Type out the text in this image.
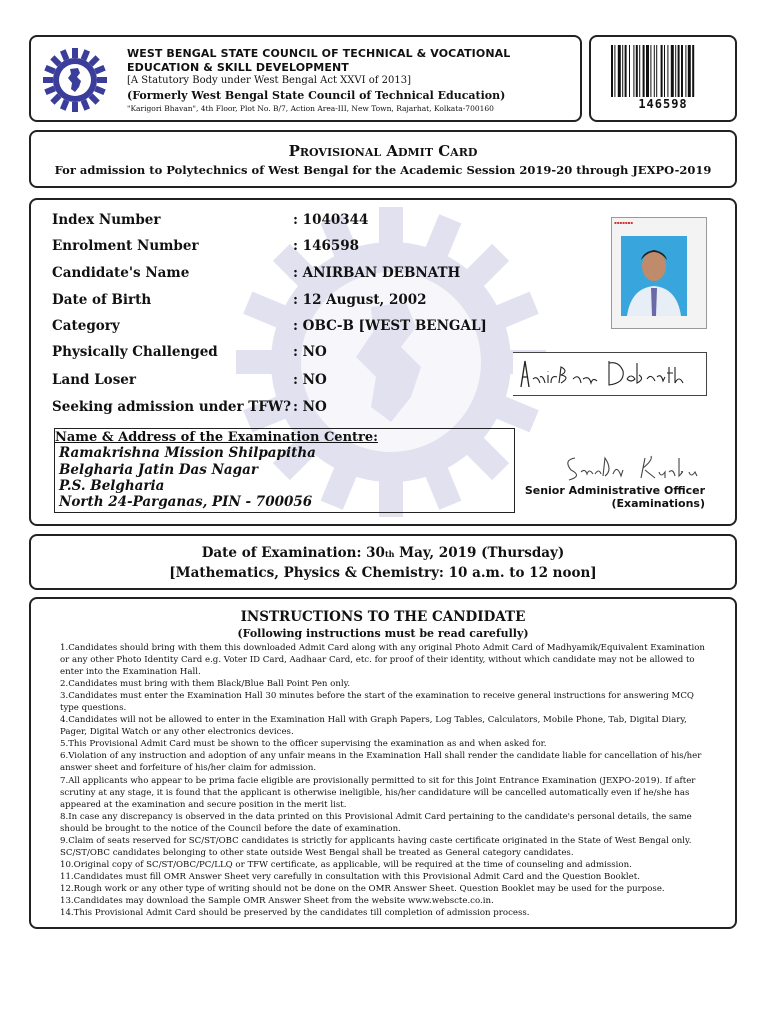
WEST BENGAL STATE COUNCIL OF TECHNICAL & VOCATIONAL
EDUCATION & SKILL DEVELOPMENT
[A Statutory Body under West Bengal Act XXVI of 2013]
(Formerly West Bengal State Council of Technical Education)
"Karigori Bhavan", 4th Floor, Plot No. B/7, Action Area-III, New Town, Rajarhat, Kolkata-700160	146598
Provisional Admit Card
For admission to Polytechnics of West Bengal for the Academic Session 2019-20 through JEXPO-2019
Index Number	: 1040344
Enrolment Number	: 146598
Candidate's Name	: ANIRBAN DEBNATH
Date of Birth	: 12 August, 2002
Category	: OBC-B [WEST BENGAL]
Physically Challenged	: NO
Land Loser	: NO
Seeking admission under TFW? : NO
▪▪▪▪▪▪▪
Name & Address of the Examination Centre:
Ramakrishna Mission Shilpapitha
Belgharia Jatin Das Nagar
P.S. Belgharia
North 24-Parganas, PIN - 700056
Senior Administrative Officer
(Examinations)
Date of Examination: 30th May, 2019 (Thursday)
[Mathematics, Physics & Chemistry: 10 a.m. to 12 noon]
INSTRUCTIONS TO THE CANDIDATE
(Following instructions must be read carefully)
1.Candidates should bring with them this downloaded Admit Card along with any original Photo Admit Card of Madhyamik/Equivalent Examination
or any other Photo Identity Card e.g. Voter ID Card, Aadhaar Card, etc. for proof of their identity, without which candidate may not be allowed to
enter into the Examination Hall.
2.Candidates must bring with them Black/Blue Ball Point Pen only.
3.Candidates must enter the Examination Hall 30 minutes before the start of the examination to receive general instructions for answering MCQ
type questions.
4.Candidates will not be allowed to enter in the Examination Hall with Graph Papers, Log Tables, Calculators, Mobile Phone, Tab, Digital Diary,
Pager, Digital Watch or any other electronics devices.
5.This Provisional Admit Card must be shown to the officer supervising the examination as and when asked for.
6.Violation of any instruction and adoption of any unfair means in the Examination Hall shall render the candidate liable for cancellation of his/her
answer sheet and forfeiture of his/her claim for admission.
7.All applicants who appear to be prima facie eligible are provisionally permitted to sit for this Joint Entrance Examination (JEXPO-2019). If after
scrutiny at any stage, it is found that the applicant is otherwise ineligible, his/her candidature will be cancelled automatically even if he/she has
appeared at the examination and secure position in the merit list.
8.In case any discrepancy is observed in the data printed on this Provisional Admit Card pertaining to the candidate's personal details, the same
should be brought to the notice of the Council before the date of examination.
9.Claim of seats reserved for SC/ST/OBC candidates is strictly for applicants having caste certificate originated in the State of West Bengal only.
SC/ST/OBC candidates belonging to other state outside West Bengal shall be treated as General category candidates.
10.Original copy of SC/ST/OBC/PC/LLQ or TFW certificate, as applicable, will be required at the time of counseling and admission.
11.Candidates must fill OMR Answer Sheet very carefully in consultation with this Provisional Admit Card and the Question Booklet.
12.Rough work or any other type of writing should not be done on the OMR Answer Sheet. Question Booklet may be used for the purpose.
13.Candidates may download the Sample OMR Answer Sheet from the website www.webscte.co.in.
14.This Provisional Admit Card should be preserved by the candidates till completion of admission process.
